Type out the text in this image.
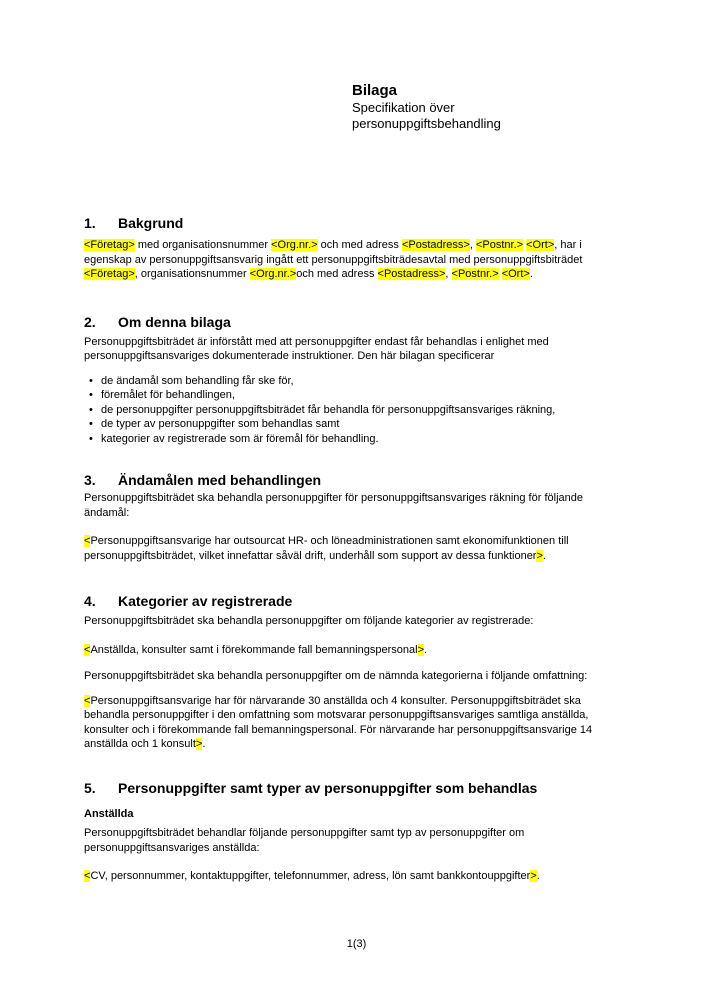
Bilaga
Specifikation över
personuppgiftsbehandling
1.	Bakgrund

<Företag> med organisationsnummer <Org.nr.> och med adress <Postadress>, <Postnr.> <Ort>, har i egenskap av personuppgiftsansvarig ingått ett personuppgiftsbiträdesavtal med personuppgiftsbiträdet <Företag>, organisationsnummer <Org.nr.>och med adress <Postadress>, <Postnr.> <Ort>.

2.	Om denna bilaga

Personuppgiftsbiträdet är införstått med att personuppgifter endast får behandlas i enlighet med personuppgiftsansvariges dokumenterade instruktioner. Den här bilagan specificerar

• de ändamål som behandling får ske för,
• föremålet för behandlingen,
• de personuppgifter personuppgiftsbiträdet får behandla för personuppgiftsansvariges räkning,
• de typer av personuppgifter som behandlas samt
• kategorier av registrerade som är föremål för behandling.
3.	Ändamålen med behandlingen

Personuppgiftsbiträdet ska behandla personuppgifter för personuppgiftsansvariges räkning för följande ändamål:

<Personuppgiftsansvarige har outsourcat HR- och löneadministrationen samt ekonomifunktionen till personuppgiftsbiträdet, vilket innefattar såväl drift, underhåll som support av dessa funktioner>.

4.	Kategorier av registrerade

Personuppgiftsbiträdet ska behandla personuppgifter om följande kategorier av registrerade:

<Anställda, konsulter samt i förekommande fall bemanningspersonal>.

Personuppgiftsbiträdet ska behandla personuppgifter om de nämnda kategorierna i följande omfattning:

<Personuppgiftsansvarige har för närvarande 30 anställda och 4 konsulter. Personuppgiftsbiträdet ska behandla personuppgifter i den omfattning som motsvarar personuppgiftsansvariges samtliga anställda, konsulter och i förekommande fall bemanningspersonal. För närvarande har personuppgiftsansvarige 14 anställda och 1 konsult>.

5.	Personuppgifter samt typer av personuppgifter som behandlas

Anställda

Personuppgiftsbiträdet behandlar följande personuppgifter samt typ av personuppgifter om personuppgiftsansvariges anställda:

<CV, personnummer, kontaktuppgifter, telefonnummer, adress, lön samt bankkontouppgifter>.

1(3)
